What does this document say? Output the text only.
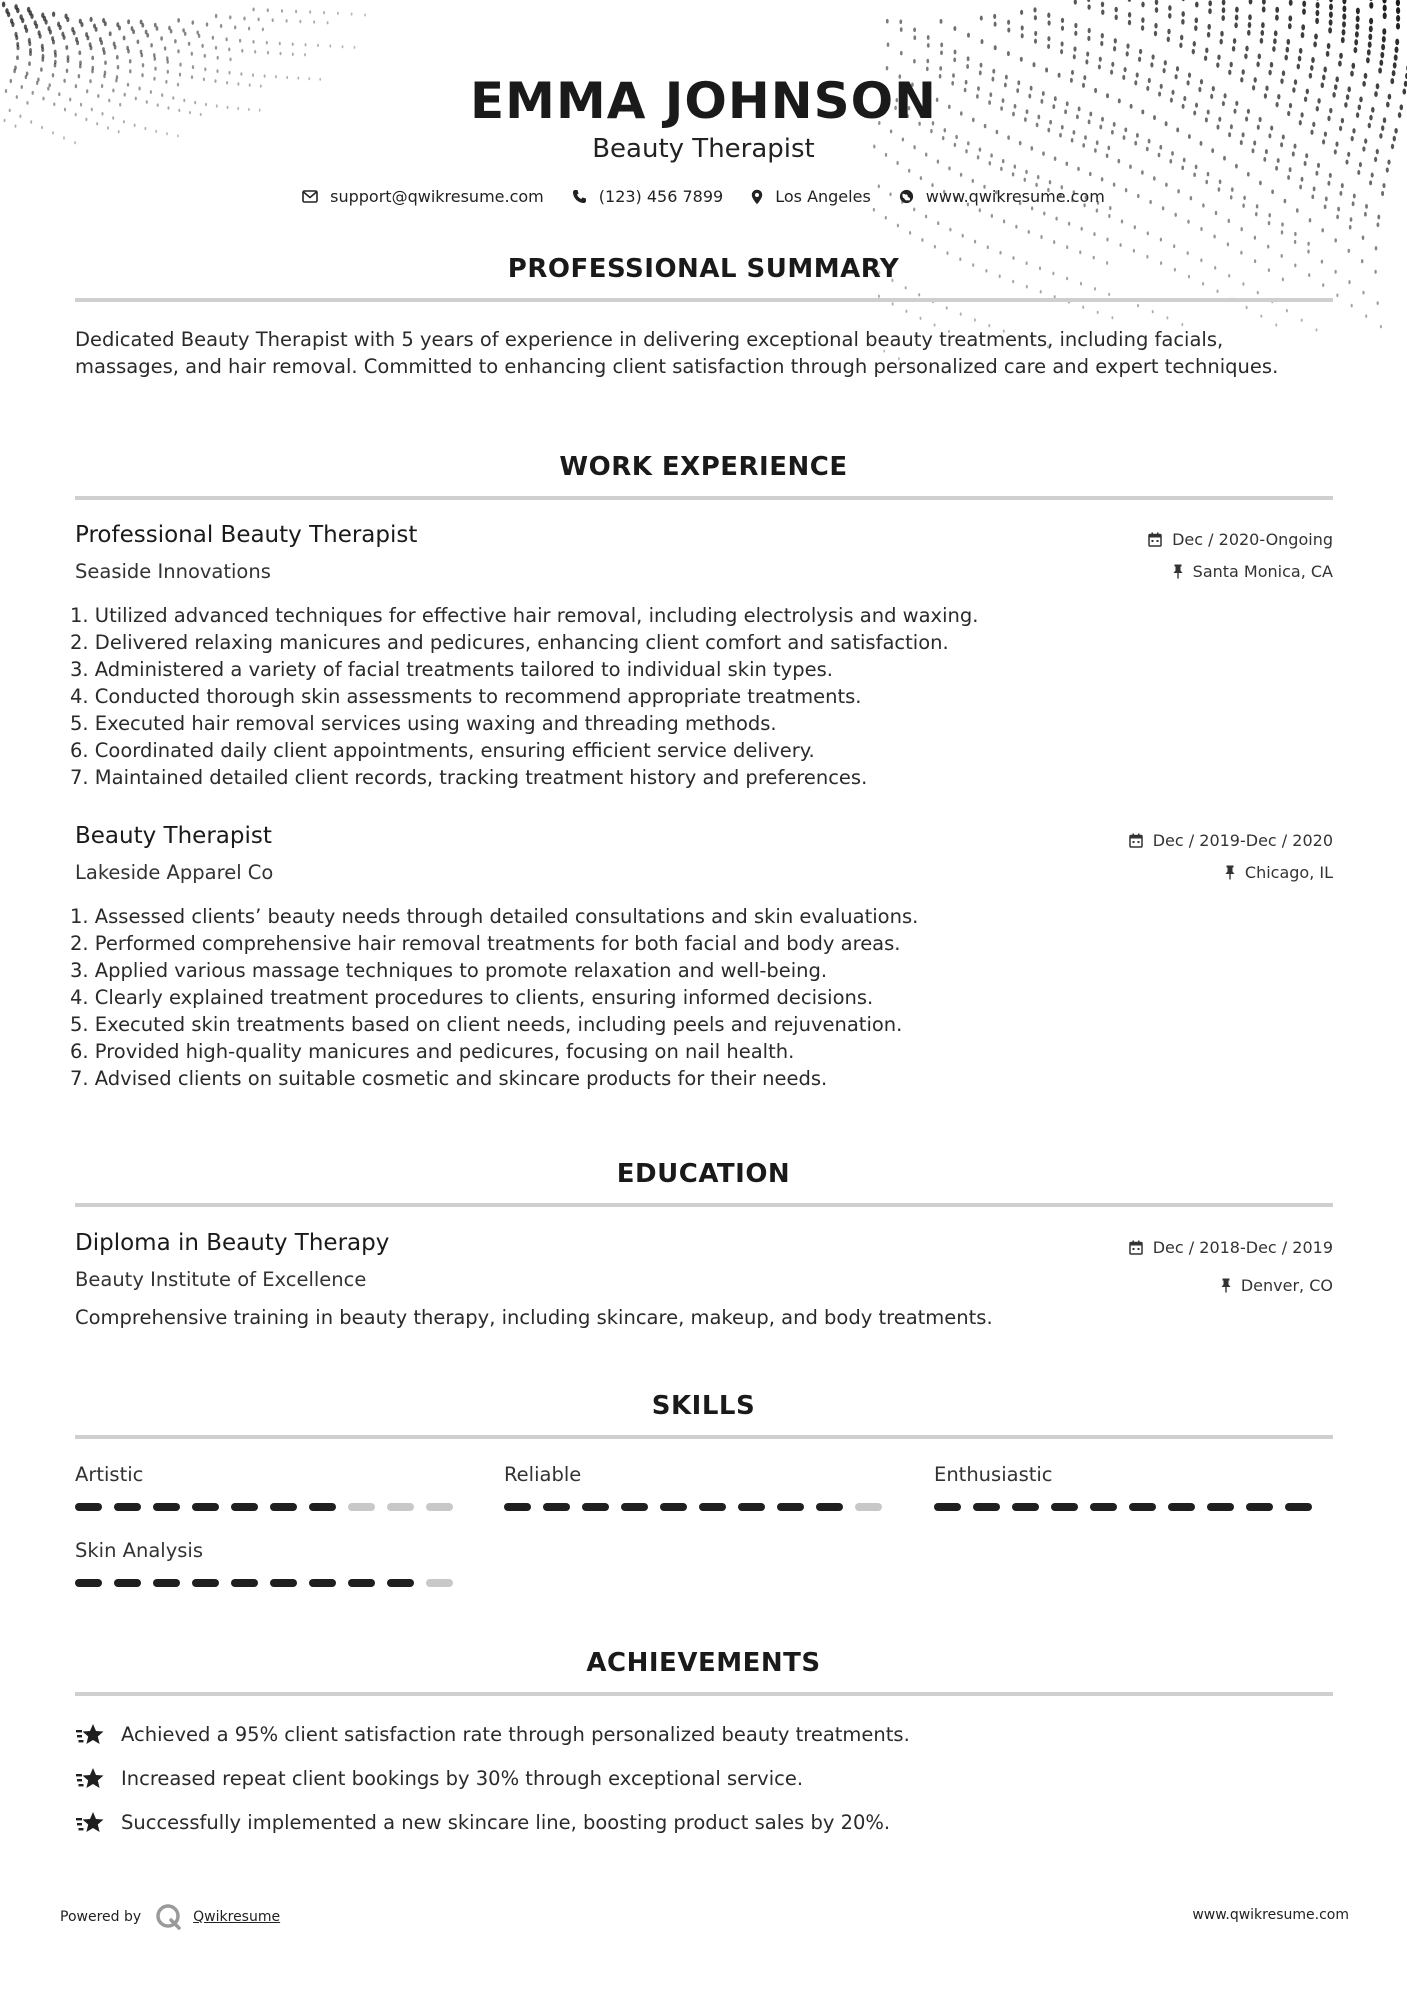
EMMA JOHNSON
Beauty Therapist
support@qwikresume.com	(123) 456 7899	Los Angeles	www.qwikresume.com
PROFESSIONAL SUMMARY
Dedicated Beauty Therapist with 5 years of experience in delivering exceptional beauty treatments, including facials, massages, and hair removal. Committed to enhancing client satisfaction through personalized care and expert techniques.
WORK EXPERIENCE
Professional Beauty Therapist
Seaside Innovations
Dec / 2020-Ongoing
Santa Monica, CA
1. Utilized advanced techniques for effective hair removal, including electrolysis and waxing.
2. Delivered relaxing manicures and pedicures, enhancing client comfort and satisfaction.
3. Administered a variety of facial treatments tailored to individual skin types.
4. Conducted thorough skin assessments to recommend appropriate treatments.
5. Executed hair removal services using waxing and threading methods.
6. Coordinated daily client appointments, ensuring efficient service delivery.
7. Maintained detailed client records, tracking treatment history and preferences.
Beauty Therapist
Lakeside Apparel Co
Dec / 2019-Dec / 2020
Chicago, IL
1. Assessed clients’ beauty needs through detailed consultations and skin evaluations.
2. Performed comprehensive hair removal treatments for both facial and body areas.
3. Applied various massage techniques to promote relaxation and well-being.
4. Clearly explained treatment procedures to clients, ensuring informed decisions.
5. Executed skin treatments based on client needs, including peels and rejuvenation.
6. Provided high-quality manicures and pedicures, focusing on nail health.
7. Advised clients on suitable cosmetic and skincare products for their needs.
EDUCATION
Diploma in Beauty Therapy
Beauty Institute of Excellence
Dec / 2018-Dec / 2019
Denver, CO
Comprehensive training in beauty therapy, including skincare, makeup, and body treatments.
SKILLS
Artistic	Reliable	Enthusiastic
Skin Analysis
ACHIEVEMENTS
Achieved a 95% client satisfaction rate through personalized beauty treatments.
Increased repeat client bookings by 30% through exceptional service.
Successfully implemented a new skincare line, boosting product sales by 20%.
Powered by	Qwikresume	www.qwikresume.com
